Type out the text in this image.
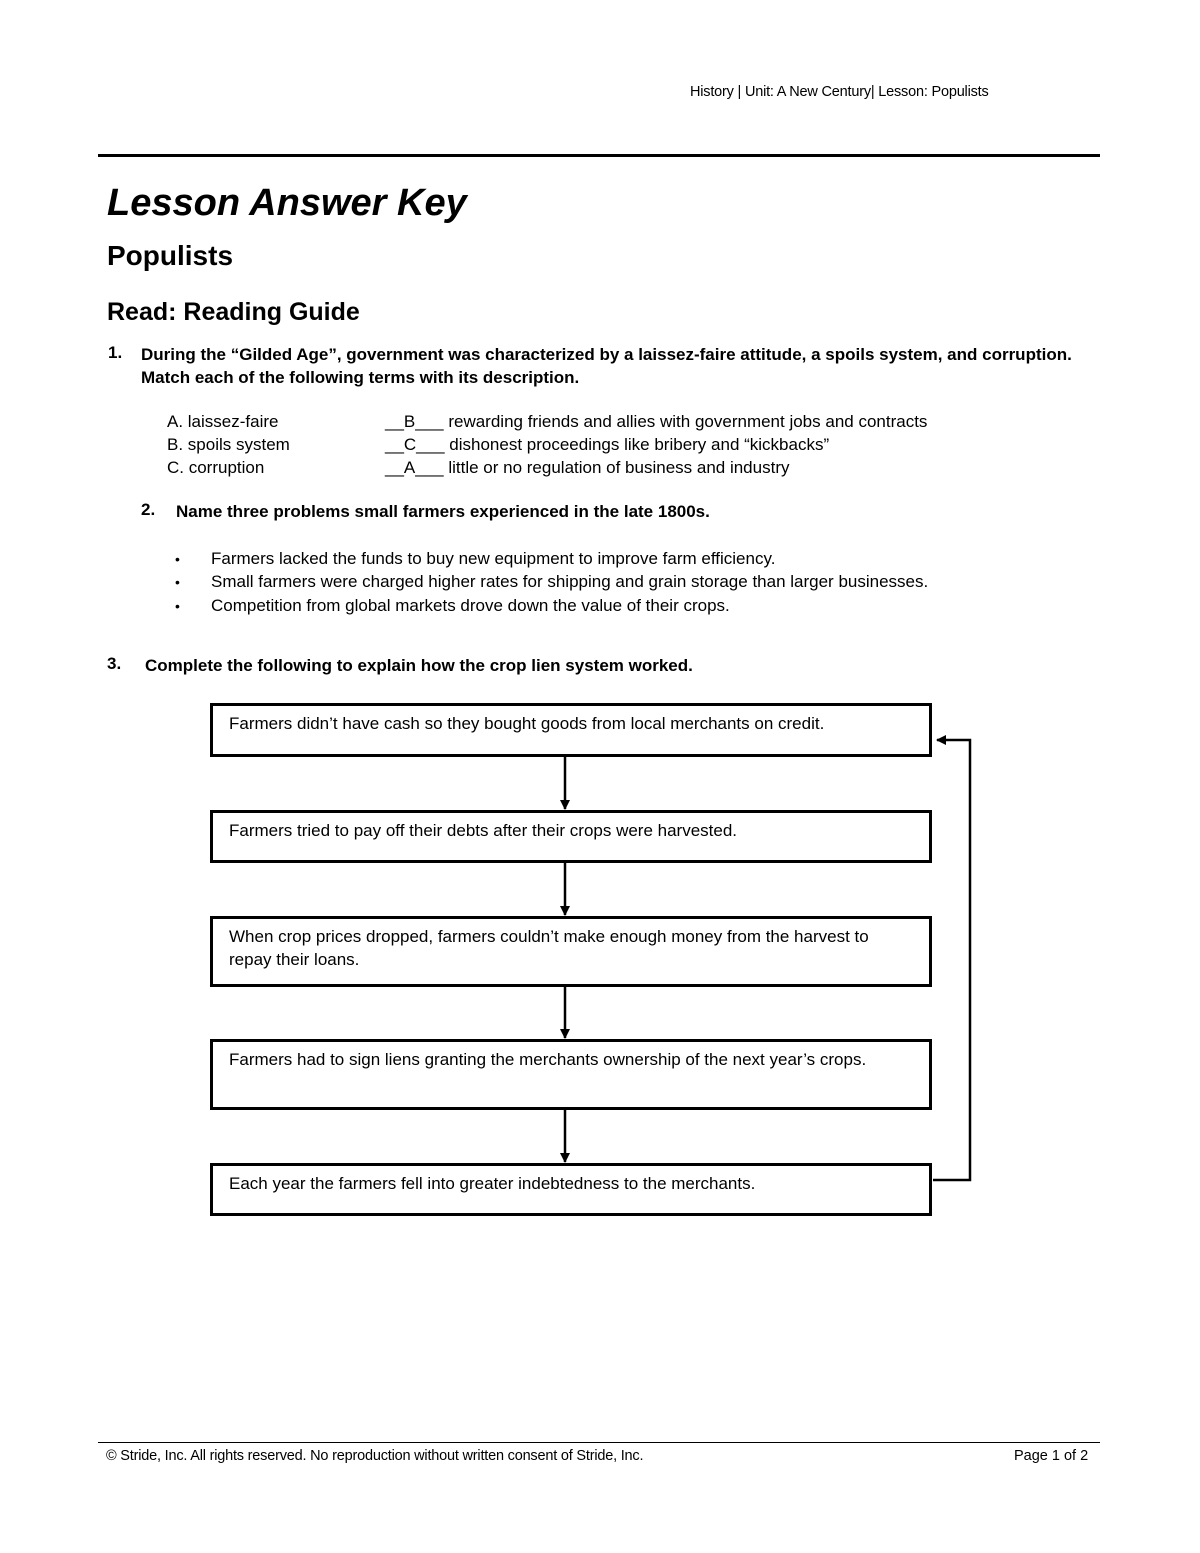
History | Unit: A New Century| Lesson: Populists
Lesson Answer Key
Populists
Read: Reading Guide
1. During the “Gilded Age”, government was characterized by a laissez-faire attitude, a spoils system, and corruption. Match each of the following terms with its description.
A. laissez-faire
B. spoils system
C. corruption
__B___ rewarding friends and allies with government jobs and contracts
__C___ dishonest proceedings like bribery and “kickbacks”
__A___ little or no regulation of business and industry
2. Name three problems small farmers experienced in the late 1800s.
• Farmers lacked the funds to buy new equipment to improve farm efficiency.
• Small farmers were charged higher rates for shipping and grain storage than larger businesses.
• Competition from global markets drove down the value of their crops.
3. Complete the following to explain how the crop lien system worked.
Farmers didn’t have cash so they bought goods from local merchants on credit.
Farmers tried to pay off their debts after their crops were harvested.
When crop prices dropped, farmers couldn’t make enough money from the harvest to repay their loans.
Farmers had to sign liens granting the merchants ownership of the next year’s crops.
Each year the farmers fell into greater indebtedness to the merchants.
© Stride, Inc. All rights reserved. No reproduction without written consent of Stride, Inc.	Page 1 of 2
